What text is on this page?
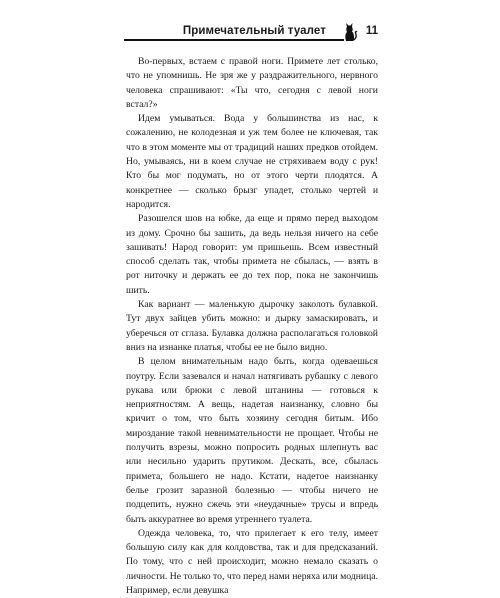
Примечательный туалет	11

Во-первых, встаем с правой ноги. Примете лет столько, что не упомнишь. Не зря же у раздражительного, нервного человека спрашивают: «Ты что, сегодня с левой ноги встал?»

Идем умываться. Вода у большинства из нас, к сожалению, не колодезная и уж тем более не ключевая, так что в этом моменте мы от традиций наших предков отойдем. Но, умываясь, ни в коем случае не стряхиваем воду с рук! Кто бы мог подумать, но от этого черти плодятся. А конкретнее — сколько брызг упадет, столько чертей и народится.

Разошелся шов на юбке, да еще и прямо перед выходом из дому. Срочно бы зашить, да ведь нельзя ничего на себе зашивать! Народ говорит: ум пришьешь. Всем известный способ сделать так, чтобы примета не сбылась, — взять в рот ниточку и держать ее до тех пор, пока не закончишь шить.

Как вариант — маленькую дырочку заколоть булавкой. Тут двух зайцев убить можно: и дырку замаскировать, и уберечься от сглаза. Булавка должна располагаться головкой вниз на изнанке платья, чтобы ее не было видно.

В целом внимательным надо быть, когда одеваешься поутру. Если зазевался и начал натягивать рубашку с левого рукава или брюки с левой штанины — готовься к неприятностям. А вещь, надетая наизнанку, словно бы кричит о том, что быть хозяину сегодня битым. Ибо мироздание такой невнимательности не прощает. Чтобы не получить взрезы, можно попросить родных шлепнуть вас или несильно ударить прутиком. Дескать, все, сбылась примета, большего не надо. Кстати, надетое наизнанку белье грозит заразной болезнью — чтобы ничего не подцепить, нужно сжечь эти «неудачные» трусы и впредь быть аккуратнее во время утреннего туалета.

Одежда человека, то, что прилегает к его телу, имеет большую силу как для колдовства, так и для предсказаний. По тому, что с ней происходит, можно немало сказать о личности. Не только то, что перед нами неряха или модница. Например, если девушка
